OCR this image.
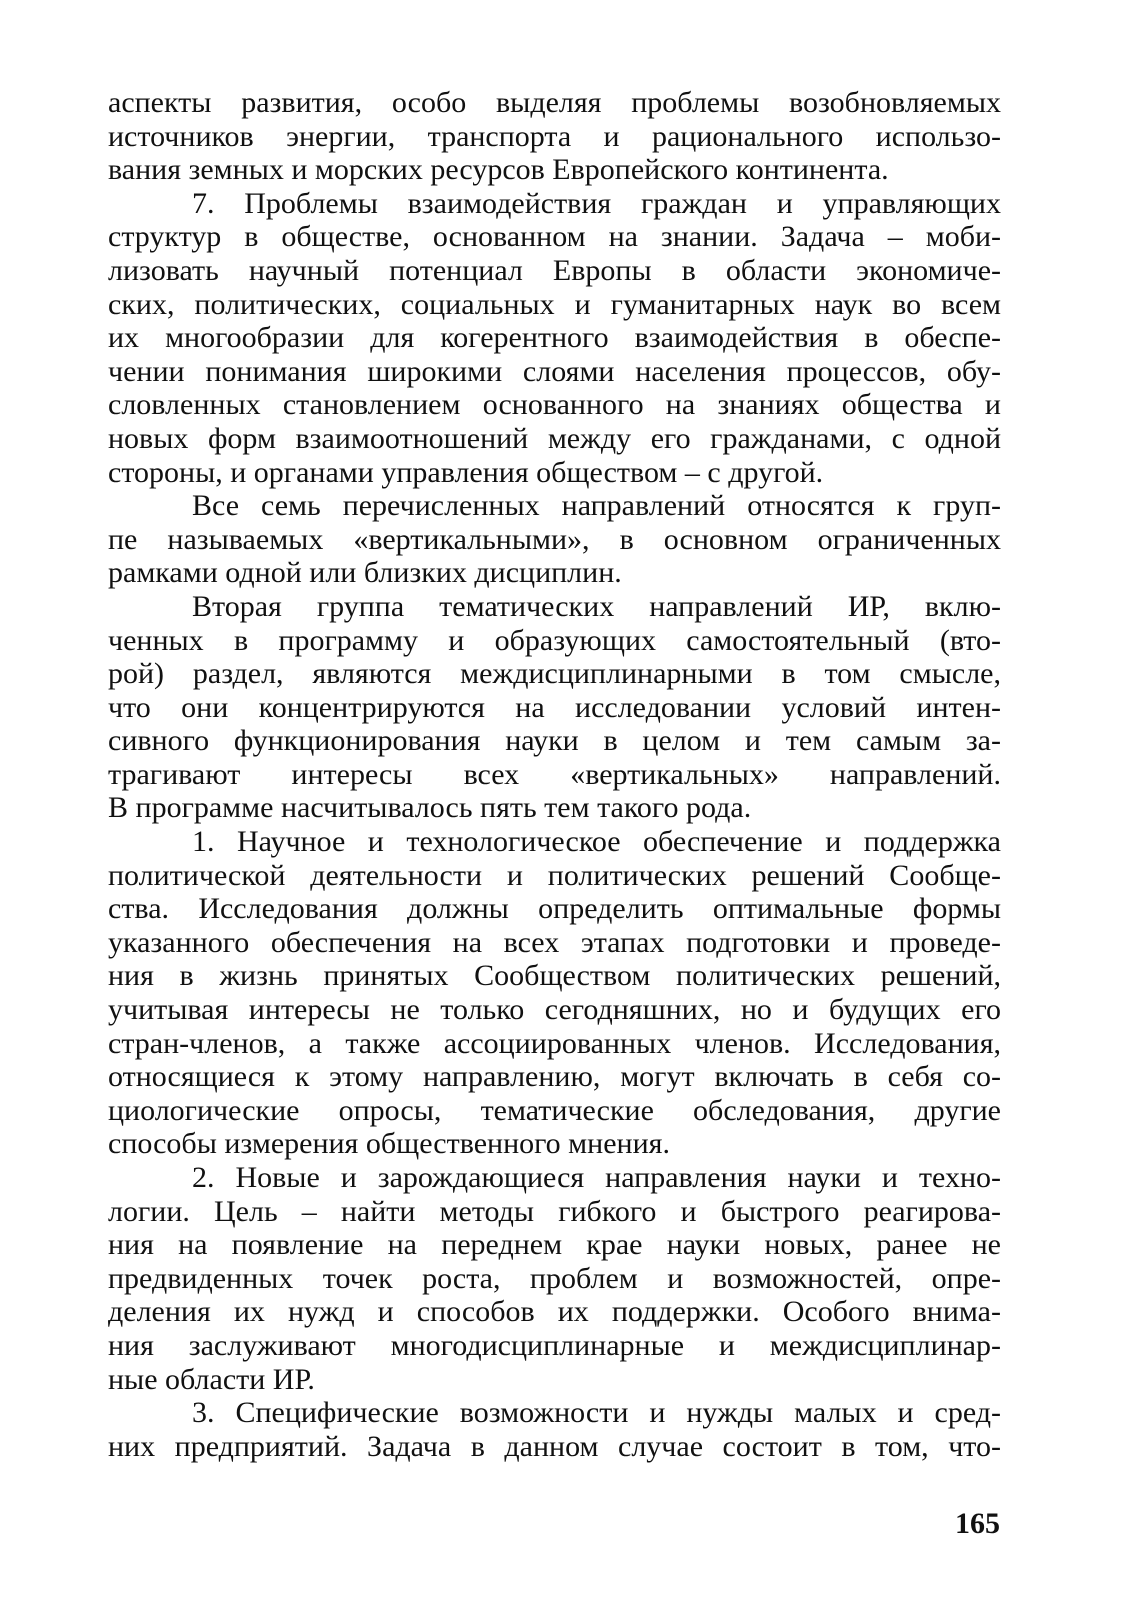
аспекты развития, особо выделяя проблемы возобновляемых
источников энергии, транспорта и рационального использо-
вания земных и морских ресурсов Европейского континента.
7. Проблемы взаимодействия граждан и управляющих
структур в обществе, основанном на знании. Задача – моби-
лизовать научный потенциал Европы в области экономиче-
ских, политических, социальных и гуманитарных наук во всем
их многообразии для когерентного взаимодействия в обеспе-
чении понимания широкими слоями населения процессов, обу-
словленных становлением основанного на знаниях общества и
новых форм взаимоотношений между его гражданами, с одной
стороны, и органами управления обществом – с другой.
Все семь перечисленных направлений относятся к груп-
пе называемых «вертикальными», в основном ограниченных
рамками одной или близких дисциплин.
Вторая группа тематических направлений ИР, вклю-
ченных в программу и образующих самостоятельный (вто-
рой) раздел, являются междисциплинарными в том смысле,
что они концентрируются на исследовании условий интен-
сивного функционирования науки в целом и тем самым за-
трагивают интересы всех «вертикальных» направлений.
В программе насчитывалось пять тем такого рода.
1. Научное и технологическое обеспечение и поддержка
политической деятельности и политических решений Сообще-
ства. Исследования должны определить оптимальные формы
указанного обеспечения на всех этапах подготовки и проведе-
ния в жизнь принятых Сообществом политических решений,
учитывая интересы не только сегодняшних, но и будущих его
стран-членов, а также ассоциированных членов. Исследования,
относящиеся к этому направлению, могут включать в себя со-
циологические опросы, тематические обследования, другие
способы измерения общественного мнения.
2. Новые и зарождающиеся направления науки и техно-
логии. Цель – найти методы гибкого и быстрого реагирова-
ния на появление на переднем крае науки новых, ранее не
предвиденных точек роста, проблем и возможностей, опре-
деления их нужд и способов их поддержки. Особого внима-
ния заслуживают многодисциплинарные и междисциплинар-
ные области ИР.
3. Специфические возможности и нужды малых и сред-
них предприятий. Задача в данном случае состоит в том, что-
165
